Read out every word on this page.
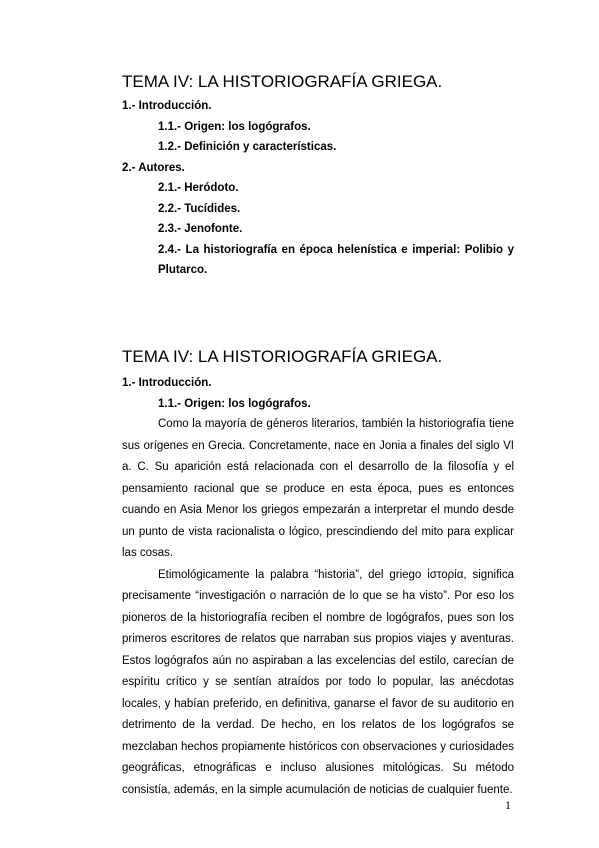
TEMA IV: LA HISTORIOGRAFÍA GRIEGA.
1.- Introducción.
1.1.- Origen: los logógrafos.
1.2.- Definición y características.
2.- Autores.
2.1.- Heródoto.
2.2.- Tucídides.
2.3.- Jenofonte.
2.4.- La historiografía en época helenística e imperial: Polibio y Plutarco.
TEMA IV: LA HISTORIOGRAFÍA GRIEGA.
1.- Introducción.
1.1.- Origen: los logógrafos.

Como la mayoría de géneros literarios, también la historiografía tiene sus orígenes en Grecia. Concretamente, nace en Jonia a finales del siglo VI a. C. Su aparición está relacionada con el desarrollo de la filosofía y el pensamiento racional que se produce en esta época, pues es entonces cuando en Asia Menor los griegos empezarán a interpretar el mundo desde un punto de vista racionalista o lógico, prescindiendo del mito para explicar las cosas.

Etimológicamente la palabra “historia”, del griego ἱστορία, significa precisamente “investigación o narración de lo que se ha visto”. Por eso los pioneros de la historiografía reciben el nombre de logógrafos, pues son los primeros escritores de relatos que narraban sus propios viajes y aventuras. Estos logógrafos aún no aspiraban a las excelencias del estilo, carecían de espíritu crítico y se sentían atraídos por todo lo popular, las anécdotas locales, y habían preferido, en definitiva, ganarse el favor de su auditorio en detrimento de la verdad. De hecho, en los relatos de los logógrafos se mezclaban hechos propiamente históricos con observaciones y curiosidades geográficas, etnográficas e incluso alusiones mitológicas. Su método consistía, además, en la simple acumulación de noticias de cualquier fuente.

1
